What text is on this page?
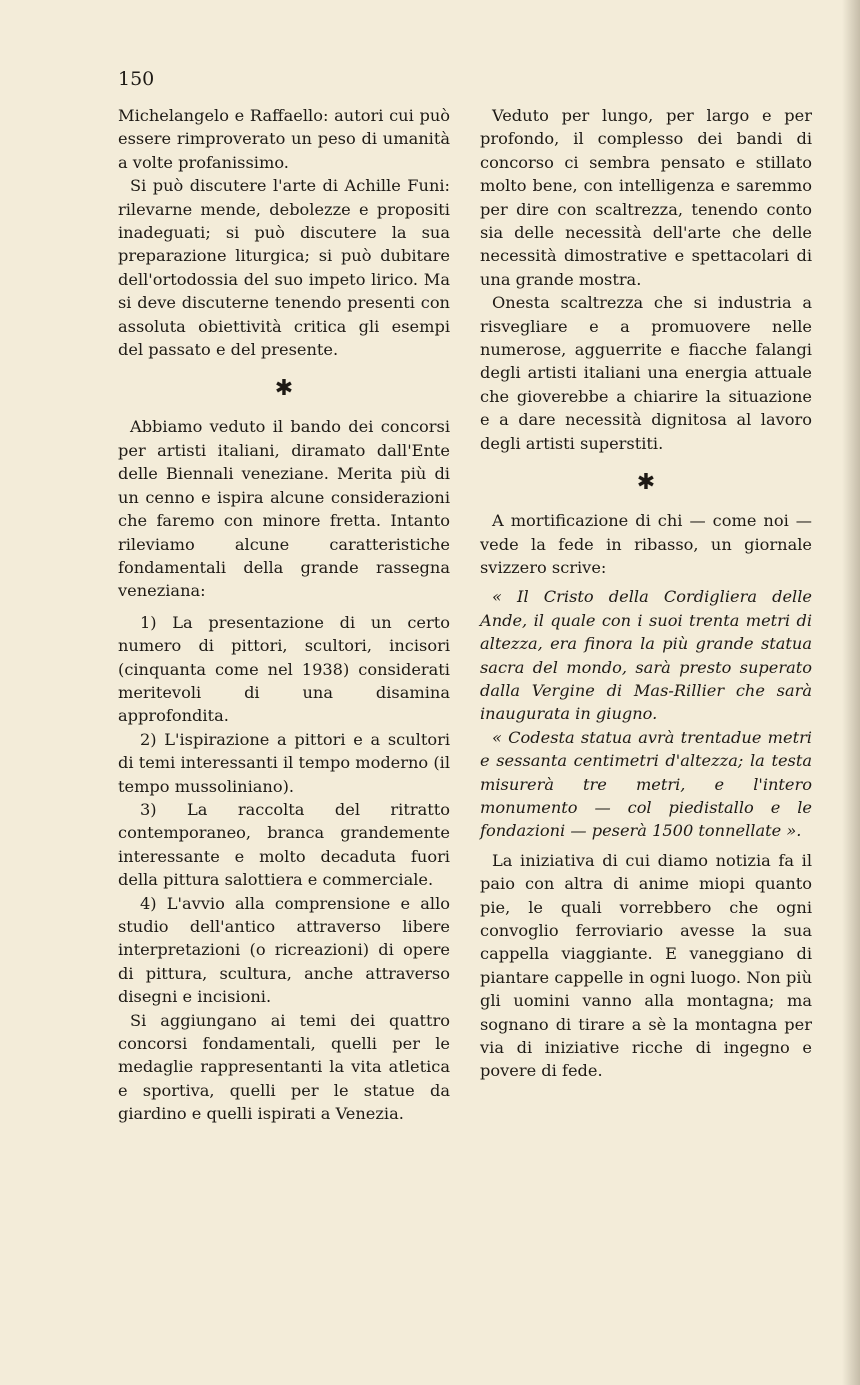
150

Michelangelo e Raffaello: autori cui può essere rimproverato un peso di umanità a volte profanissimo.

Si può discutere l'arte di Achille Funi: rilevarne mende, debolezze e propositi inadeguati; si può discutere la sua preparazione liturgica; si può dubitare dell'ortodossia del suo impeto lirico. Ma si deve discuterne tenendo presenti con assoluta obiettività critica gli esempi del passato e del presente.

✱

Abbiamo veduto il bando dei concorsi per artisti italiani, diramato dall'Ente delle Biennali veneziane. Merita più di un cenno e ispira alcune considerazioni che faremo con minore fretta. Intanto rileviamo alcune caratteristiche fondamentali della grande rassegna veneziana:

1) La presentazione di un certo numero di pittori, scultori, incisori (cinquanta come nel 1938) considerati meritevoli di una disamina approfondita.

2) L'ispirazione a pittori e a scultori di temi interessanti il tempo moderno (il tempo mussoliniano).

3) La raccolta del ritratto contemporaneo, branca grandemente interessante e molto decaduta fuori della pittura salottiera e commerciale.

4) L'avvio alla comprensione e allo studio dell'antico attraverso libere interpretazioni (o ricreazioni) di opere di pittura, scultura, anche attraverso disegni e incisioni.

Si aggiungano ai temi dei quattro concorsi fondamentali, quelli per le medaglie rappresentanti la vita atletica e sportiva, quelli per le statue da giardino e quelli ispirati a Venezia.

Veduto per lungo, per largo e per profondo, il complesso dei bandi di concorso ci sembra pensato e stillato molto bene, con intelligenza e saremmo per dire con scaltrezza, tenendo conto sia delle necessità dell'arte che delle necessità dimostrative e spettacolari di una grande mostra.

Onesta scaltrezza che si industria a risvegliare e a promuovere nelle numerose, agguerrite e fiacche falangi degli artisti italiani una energia attuale che gioverebbe a chiarire la situazione e a dare necessità dignitosa al lavoro degli artisti superstiti.

✱

A mortificazione di chi — come noi — vede la fede in ribasso, un giornale svizzero scrive:

« Il Cristo della Cordigliera delle Ande, il quale con i suoi trenta metri di altezza, era finora la più grande statua sacra del mondo, sarà presto superato dalla Vergine di Mas-Rillier che sarà inaugurata in giugno.

« Codesta statua avrà trentadue metri e sessanta centimetri d'altezza; la testa misurerà tre metri, e l'intero monumento — col piedistallo e le fondazioni — peserà 1500 tonnellate ».

La iniziativa di cui diamo notizia fa il paio con altra di anime miopi quanto pie, le quali vorrebbero che ogni convoglio ferroviario avesse la sua cappella viaggiante. E vaneggiano di piantare cappelle in ogni luogo. Non più gli uomini vanno alla montagna; ma sognano di tirare a sè la montagna per via di iniziative ricche di ingegno e povere di fede.
